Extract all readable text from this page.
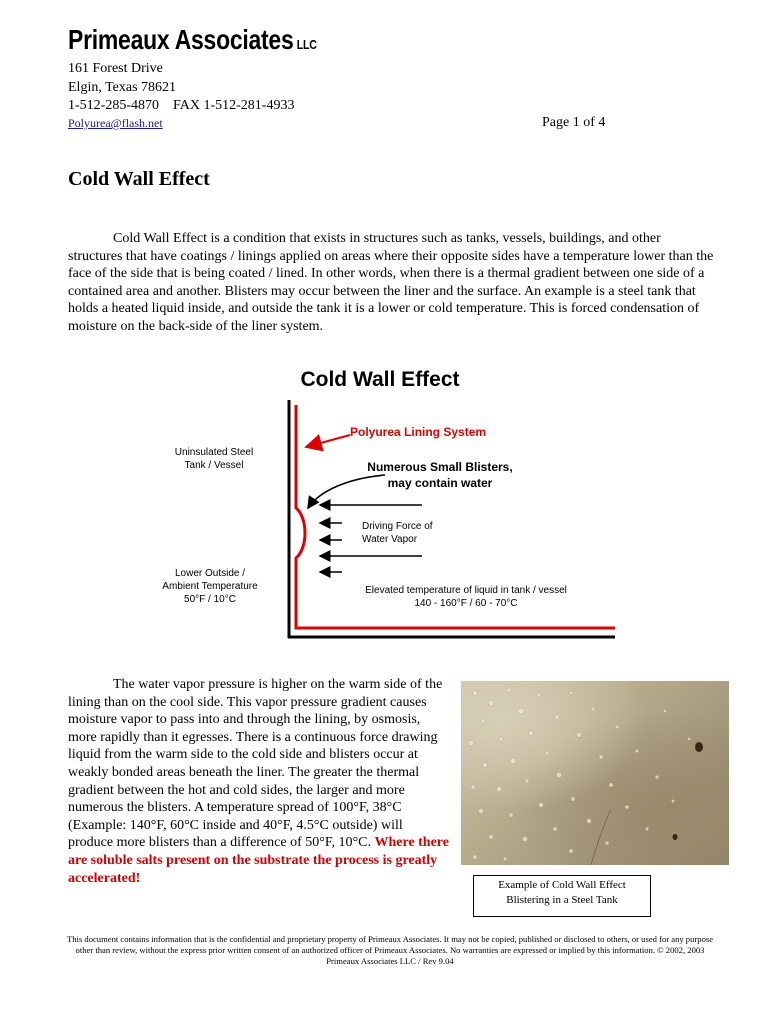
Primeaux Associates LLC
161 Forest Drive
Elgin, Texas 78621
1-512-285-4870    FAX 1-512-281-4933
Polyurea@flash.net	Page 1 of 4
Cold Wall Effect
Cold Wall Effect is a condition that exists in structures such as tanks, vessels, buildings, and other structures that have coatings / linings applied on areas where their opposite sides have a temperature lower than the face of the side that is being coated / lined. In other words, when there is a thermal gradient between one side of a contained area and another. Blisters may occur between the liner and the surface. An example is a steel tank that holds a heated liquid inside, and outside the tank it is a lower or cold temperature. This is forced condensation of moisture on the back-side of the liner system.
Cold Wall Effect
Polyurea Lining System
Uninsulated Steel
Tank / Vessel	Numerous Small Blisters,
may contain water
Driving Force of
Water Vapor
Lower Outside /
Ambient Temperature
50°F / 10°C
Elevated temperature of liquid in tank / vessel
140 - 160°F / 60 - 70°C
The water vapor pressure is higher on the warm side of the lining than on the cool side. This vapor pressure gradient causes moisture vapor to pass into and through the lining, by osmosis, more rapidly than it egresses. There is a continuous force drawing liquid from the warm side to the cold side and blisters occur at weakly bonded areas beneath the liner. The greater the thermal gradient between the hot and cold sides, the larger and more numerous the blisters. A temperature spread of 100°F, 38°C (Example: 140°F, 60°C inside and 40°F, 4.5°C outside) will produce more blisters than a difference of 50°F, 10°C. Where there are soluble salts present on the substrate the process is greatly accelerated!	Example of Cold Wall Effect Blistering in a Steel Tank
This document contains information that is the confidential and proprietary property of Primeaux Associates. It may not be copied, published or disclosed to others, or used for any purpose other than review, without the express prior written consent of an authorized officer of Primeaux Associates. No warranties are expressed or implied by this information. © 2002, 2003 Primeaux Associates LLC / Rev 9.04
